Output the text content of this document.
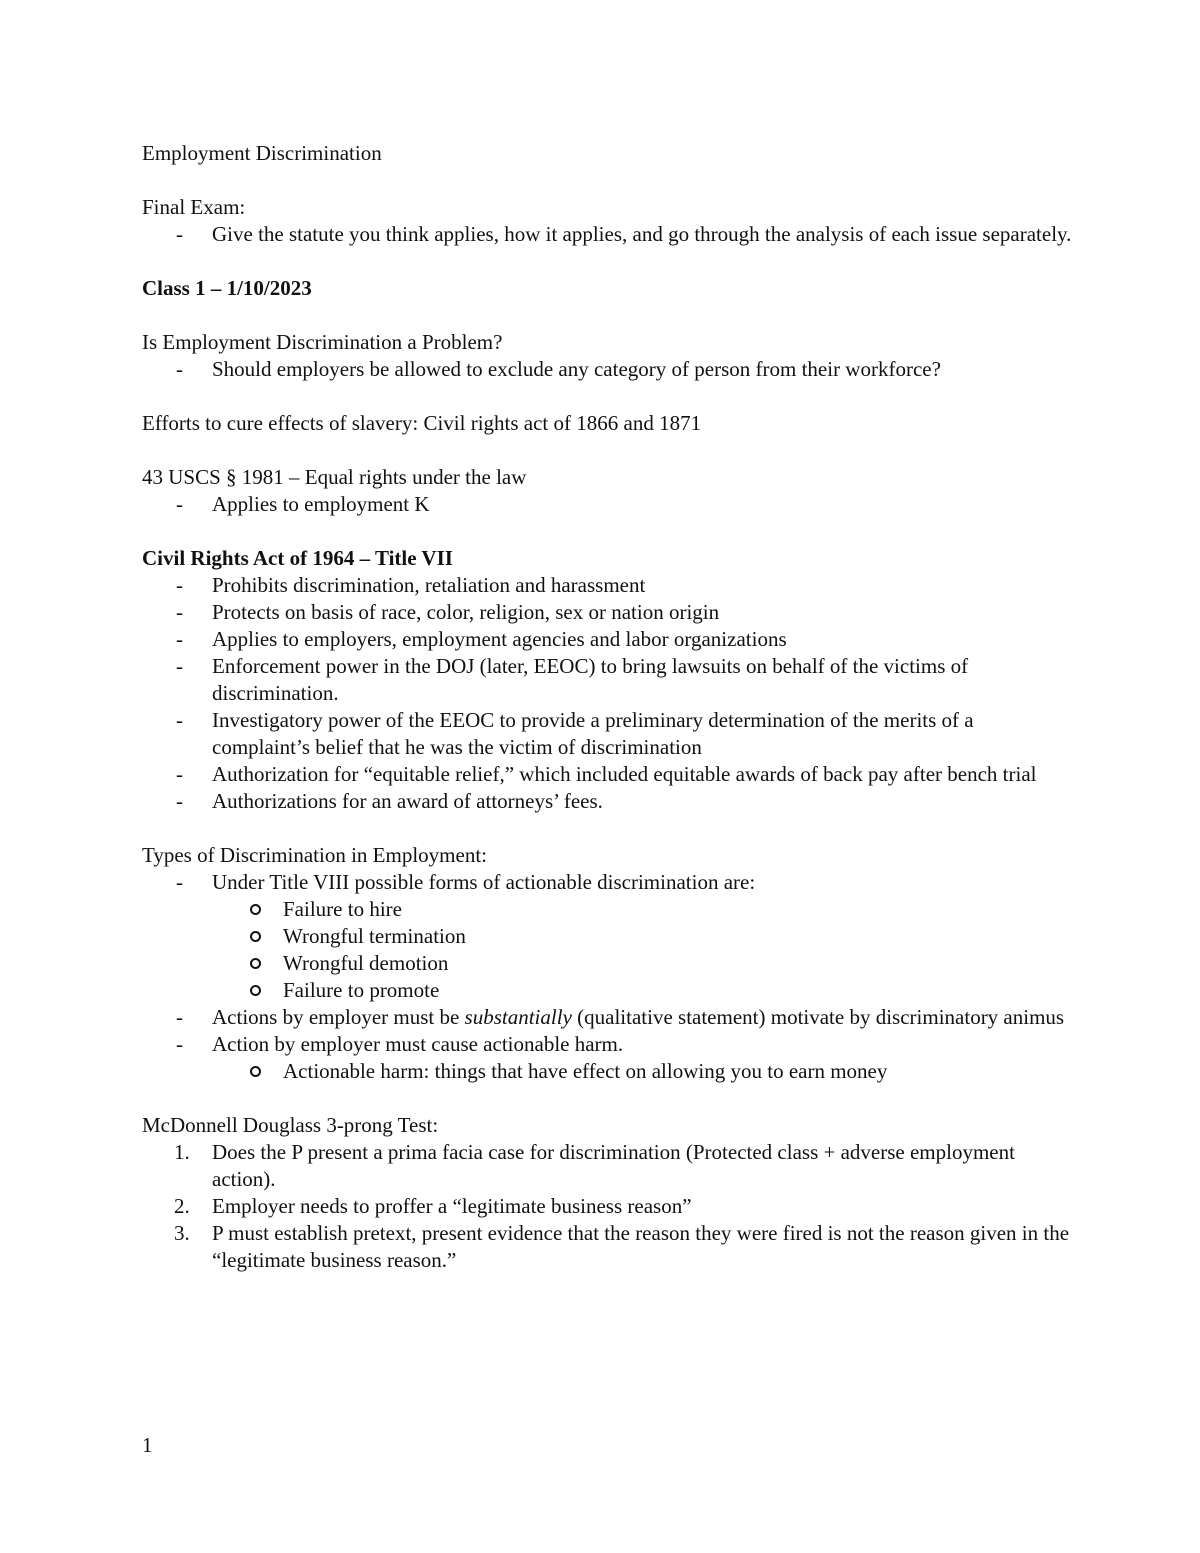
Employment Discrimination

Final Exam:

- Give the statute you think applies, how it applies, and go through the analysis of each issue separately.

Class 1 – 1/10/2023

Is Employment Discrimination a Problem?

- Should employers be allowed to exclude any category of person from their workforce?

Efforts to cure effects of slavery: Civil rights act of 1866 and 1871

43 USCS § 1981 – Equal rights under the law

- Applies to employment K

Civil Rights Act of 1964 – Title VII

- Prohibits discrimination, retaliation and harassment
- Protects on basis of race, color, religion, sex or nation origin
- Applies to employers, employment agencies and labor organizations
- Enforcement power in the DOJ (later, EEOC) to bring lawsuits on behalf of the victims of discrimination.
- Investigatory power of the EEOC to provide a preliminary determination of the merits of a complaint’s belief that he was the victim of discrimination
- Authorization for “equitable relief,” which included equitable awards of back pay after bench trial
- Authorizations for an award of attorneys’ fees.

Types of Discrimination in Employment:

- Under Title VIII possible forms of actionable discrimination are:
Failure to hire
Wrongful termination
Wrongful demotion
Failure to promote
- Actions by employer must be substantially (qualitative statement) motivate by discriminatory animus
- Action by employer must cause actionable harm.
Actionable harm: things that have effect on allowing you to earn money

McDonnell Douglass 3-prong Test:

1. Does the P present a prima facia case for discrimination (Protected class + adverse employment action).
2. Employer needs to proffer a “legitimate business reason”
3. P must establish pretext, present evidence that the reason they were fired is not the reason given in the “legitimate business reason.”
1
